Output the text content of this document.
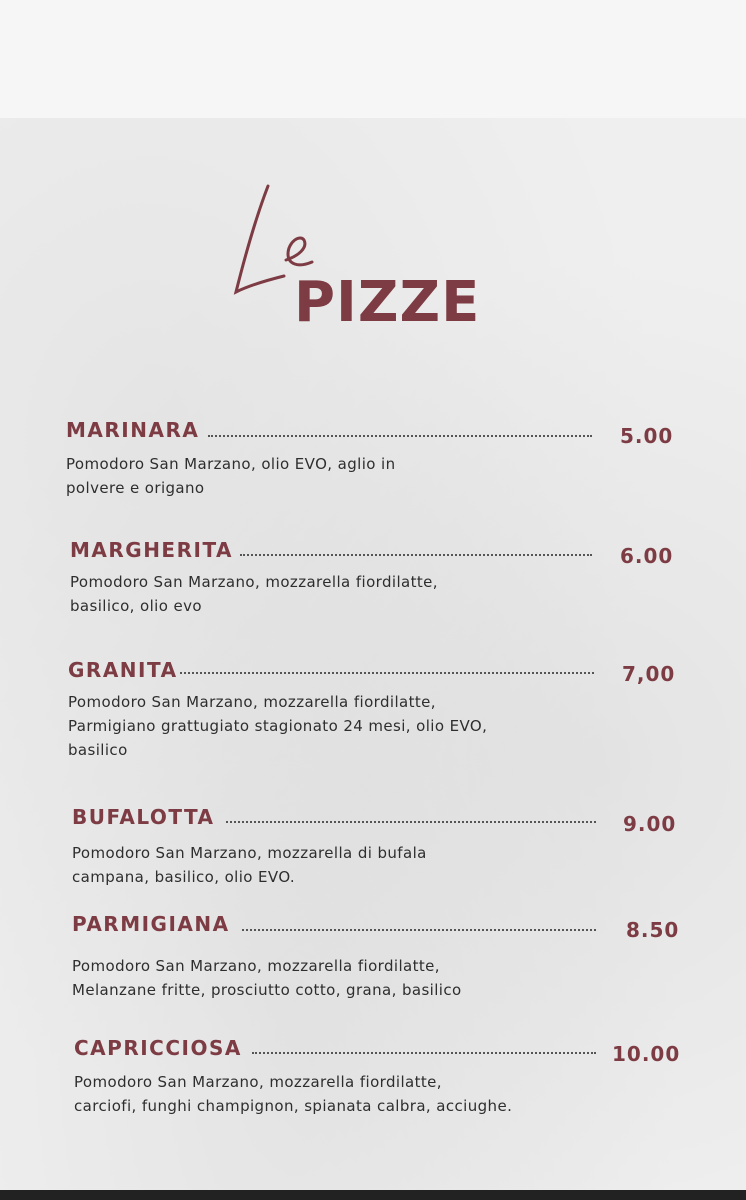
PIZZE
MARINARA	5.00
Pomodoro San Marzano, olio EVO, aglio in
polvere e origano
MARGHERITA	6.00
Pomodoro San Marzano, mozzarella fiordilatte,
basilico, olio evo
GRANITA	7,00
Pomodoro San Marzano, mozzarella fiordilatte,
Parmigiano grattugiato stagionato 24 mesi, olio EVO,
basilico
BUFALOTTA	9.00
Pomodoro San Marzano, mozzarella di bufala
campana, basilico, olio EVO.
PARMIGIANA	8.50
Pomodoro San Marzano, mozzarella fiordilatte,
Melanzane fritte, prosciutto cotto, grana, basilico
CAPRICCIOSA	10.00
Pomodoro San Marzano, mozzarella fiordilatte,
carciofi, funghi champignon, spianata calbra, acciughe.
